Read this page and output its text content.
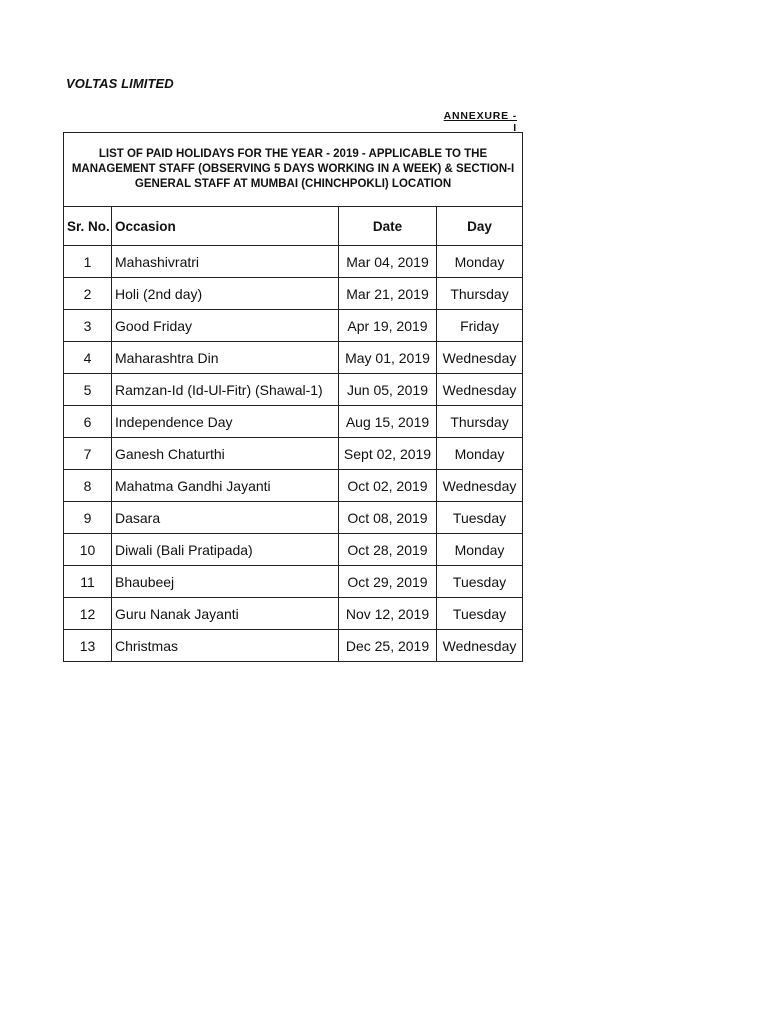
VOLTAS LIMITED
ANNEXURE - I
LIST OF PAID HOLIDAYS FOR THE YEAR - 2019 - APPLICABLE TO THE MANAGEMENT STAFF (OBSERVING 5 DAYS WORKING IN A WEEK) & SECTION-I GENERAL STAFF AT MUMBAI (CHINCHPOKLI) LOCATION			
Sr. No.	Occasion	Date	Day
1	Mahashivratri	Mar 04, 2019	Monday
2	Holi (2nd day)	Mar 21, 2019	Thursday
3	Good Friday	Apr 19, 2019	Friday
4	Maharashtra Din	May 01, 2019	Wednesday
5	Ramzan-Id (Id-Ul-Fitr) (Shawal-1)	Jun 05, 2019	Wednesday
6	Independence Day	Aug 15, 2019	Thursday
7	Ganesh Chaturthi	Sept 02, 2019	Monday
8	Mahatma Gandhi Jayanti	Oct 02, 2019	Wednesday
9	Dasara	Oct 08, 2019	Tuesday
10	Diwali (Bali Pratipada)	Oct 28, 2019	Monday
11	Bhaubeej	Oct 29, 2019	Tuesday
12	Guru Nanak Jayanti	Nov 12, 2019	Tuesday
13	Christmas	Dec 25, 2019	Wednesday
